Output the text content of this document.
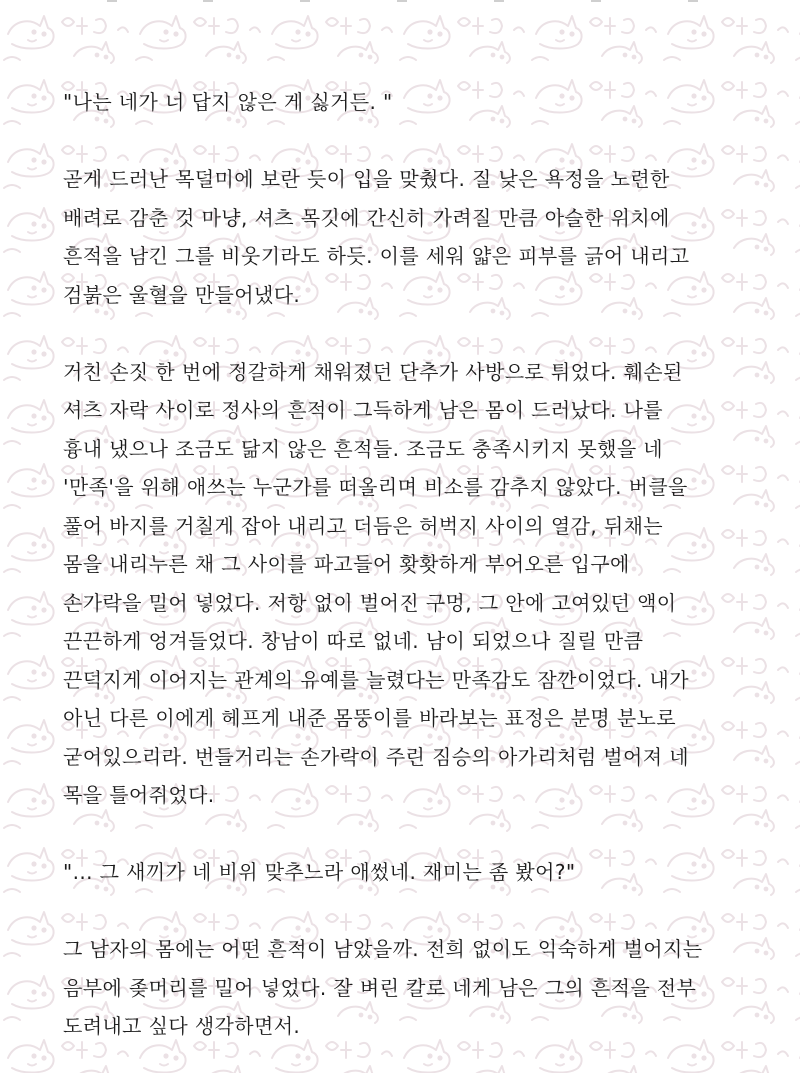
"나는 네가 너 답지 않은 게 싫거든. "

곧게 드러난 목덜미에 보란 듯이 입을 맞췄다. 질 낮은 욕정을 노련한
배려로 감춘 것 마냥, 셔츠 목깃에 간신히 가려질 만큼 아슬한 위치에
흔적을 남긴 그를 비웃기라도 하듯. 이를 세워 얇은 피부를 긁어 내리고
검붉은 울혈을 만들어냈다.

거친 손짓 한 번에 정갈하게 채워졌던 단추가 사방으로 튀었다. 훼손된
셔츠 자락 사이로 정사의 흔적이 그득하게 남은 몸이 드러났다. 나를
흉내 냈으나 조금도 닮지 않은 흔적들. 조금도 충족시키지 못했을 네
'만족'을 위해 애쓰는 누군가를 떠올리며 비소를 감추지 않았다. 버클을
풀어 바지를 거칠게 잡아 내리고 더듬은 허벅지 사이의 열감, 뒤채는
몸을 내리누른 채 그 사이를 파고들어 홧홧하게 부어오른 입구에
손가락을 밀어 넣었다. 저항 없이 벌어진 구멍, 그 안에 고여있던 액이
끈끈하게 엉겨들었다. 창남이 따로 없네. 남이 되었으나 질릴 만큼
끈덕지게 이어지는 관계의 유예를 늘렸다는 만족감도 잠깐이었다. 내가
아닌 다른 이에게 헤프게 내준 몸뚱이를 바라보는 표정은 분명 분노로
굳어있으리라. 번들거리는 손가락이 주린 짐승의 아가리처럼 벌어져 네
목을 틀어쥐었다.

"... 그 새끼가 네 비위 맞추느라 애썼네. 재미는 좀 봤어?"

그 남자의 몸에는 어떤 흔적이 남았을까. 전희 없이도 익숙하게 벌어지는
음부에 좆머리를 밀어 넣었다. 잘 벼린 칼로 네게 남은 그의 흔적을 전부
도려내고 싶다 생각하면서.
